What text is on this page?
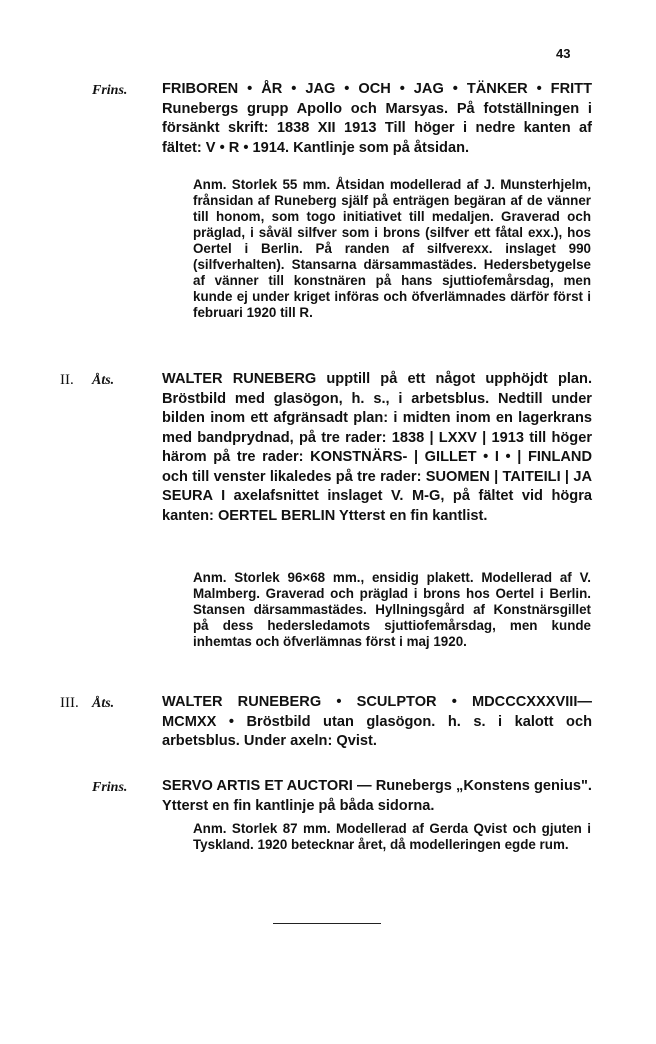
43
Frins. FRIBOREN • ÅR • JAG • OCH • JAG • TÄNKER • FRITT Runebergs grupp Apollo och Marsyas. På fotställningen i försänkt skrift: 1838 XII 1913 Till höger i nedre kanten af fältet: V • R • 1914. Kantlinje som på åtsidan.
Anm. Storlek 55 mm. Åtsidan modellerad af J. Munsterhjelm, frånsidan af Runeberg själf på enträgen begäran af de vänner till honom, som togo initiativet till medaljen. Graverad och präglad, i såväl silfver som i brons (silfver ett fåtal exx.), hos Oertel i Berlin. På randen af silfverexx. inslaget 990 (silfverhalten). Stansarna därsammastädes. Hedersbetygelse af vänner till konstnären på hans sjuttiofemårsdag, men kunde ej under kriget införas och öfverlämnades därför först i februari 1920 till R.
II. Åts.	WALTER RUNEBERG upptill på ett något upphöjdt plan. Bröstbild med glasögon, h. s., i arbetsblus. Nedtill under bilden inom ett afgränsadt plan: i midten inom en lagerkrans med bandprydnad, på tre rader: 1838 | LXXV | 1913 till höger härom på tre rader: KONSTNÄRS- | GILLET • I • | FINLAND och till venster likaledes på tre rader: SUOMEN | TAITEILI | JA SEURA I axelafsnittet inslaget V. M-G, på fältet vid högra kanten: OERTEL BERLIN Ytterst en fin kantlist.
Anm. Storlek 96×68 mm., ensidig plakett. Modellerad af V. Malmberg. Graverad och präglad i brons hos Oertel i Berlin. Stansen därsammastädes. Hyllningsgård af Konstnärsgillet på dess hedersledamots sjuttiofemårsdag, men kunde inhemtas och öfverlämnas först i maj 1920.
III. Åts.	WALTER RUNEBERG • SCULPTOR • MDCCCXXXVIII— MCMXX • Bröstbild utan glasögon. h. s. i kalott och arbetsblus. Under axeln: Qvist.
Frins. SERVO ARTIS ET AUCTORI — Runebergs „Konstens genius". Ytterst en fin kantlinje på båda sidorna.
Anm. Storlek 87 mm. Modellerad af Gerda Qvist och gjuten i Tyskland. 1920 betecknar året, då modelleringen egde rum.
